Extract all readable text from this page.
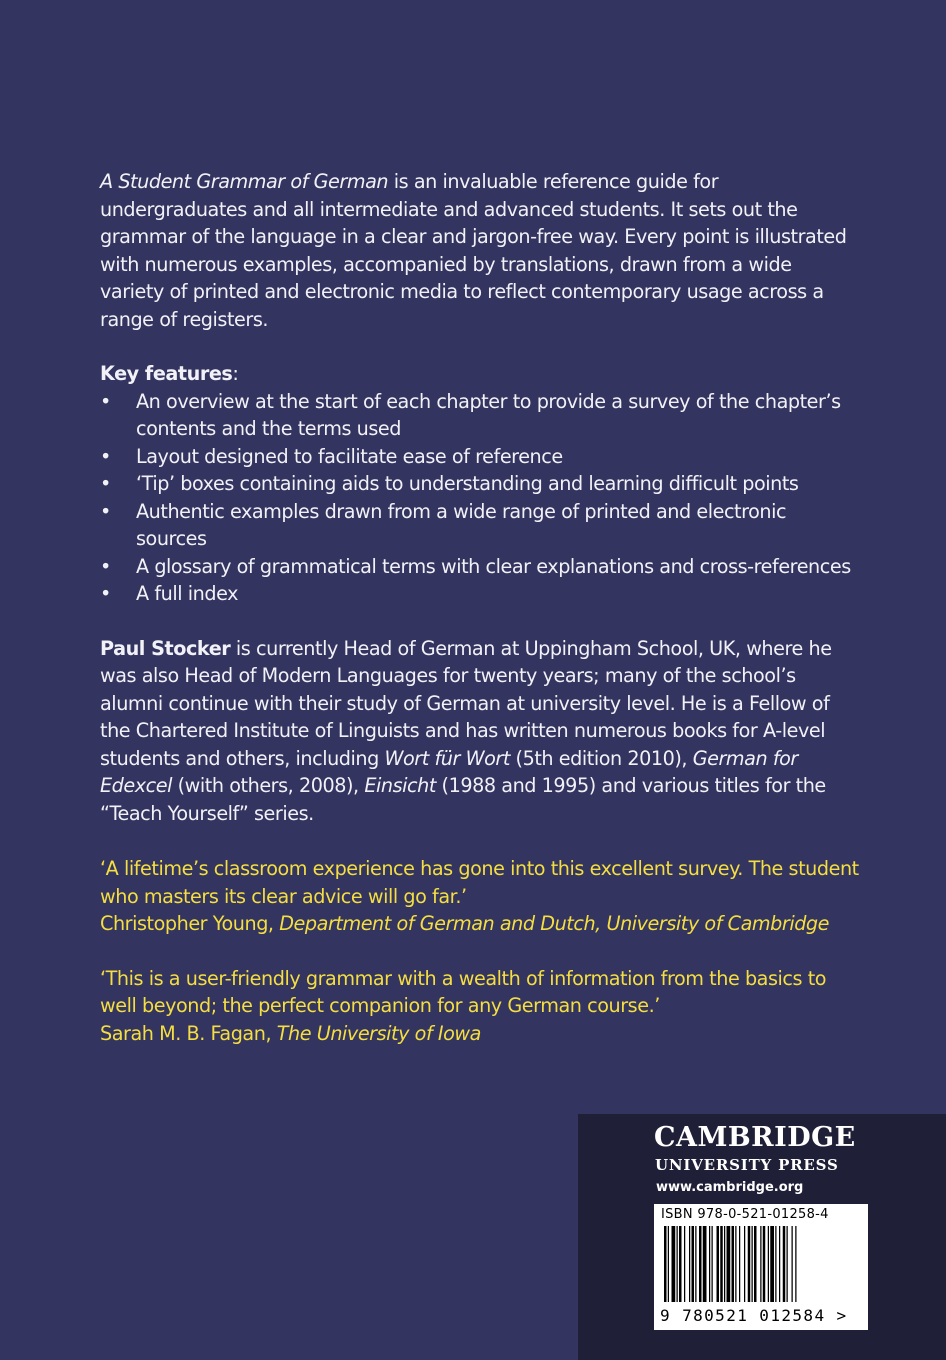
A Student Grammar of German is an invaluable reference guide for undergraduates and all intermediate and advanced students. It sets out the grammar of the language in a clear and jargon-free way. Every point is illustrated with numerous examples, accompanied by translations, drawn from a wide variety of printed and electronic media to reflect contemporary usage across a range of registers.

Key features:

• An overview at the start of each chapter to provide a survey of the chapter’s contents and the terms used
• Layout designed to facilitate ease of reference
• ‘Tip’ boxes containing aids to understanding and learning difficult points
• Authentic examples drawn from a wide range of printed and electronic sources
• A glossary of grammatical terms with clear explanations and cross-references
• A full index

Paul Stocker is currently Head of German at Uppingham School, UK, where he was also Head of Modern Languages for twenty years; many of the school’s alumni continue with their study of German at university level. He is a Fellow of the Chartered Institute of Linguists and has written numerous books for A-level students and others, including Wort für Wort (5th edition 2010), German for Edexcel (with others, 2008), Einsicht (1988 and 1995) and various titles for the “Teach Yourself” series.

‘A lifetime’s classroom experience has gone into this excellent survey. The student who masters its clear advice will go far.’
Christopher Young, Department of German and Dutch, University of Cambridge

‘This is a user-friendly grammar with a wealth of information from the basics to well beyond; the perfect companion for any German course.’
Sarah M. B. Fagan, The University of Iowa

CAMBRIDGE
UNIVERSITY PRESS
www.cambridge.org
ISBN 978-0-521-01258-4
9 780521 012584 >
